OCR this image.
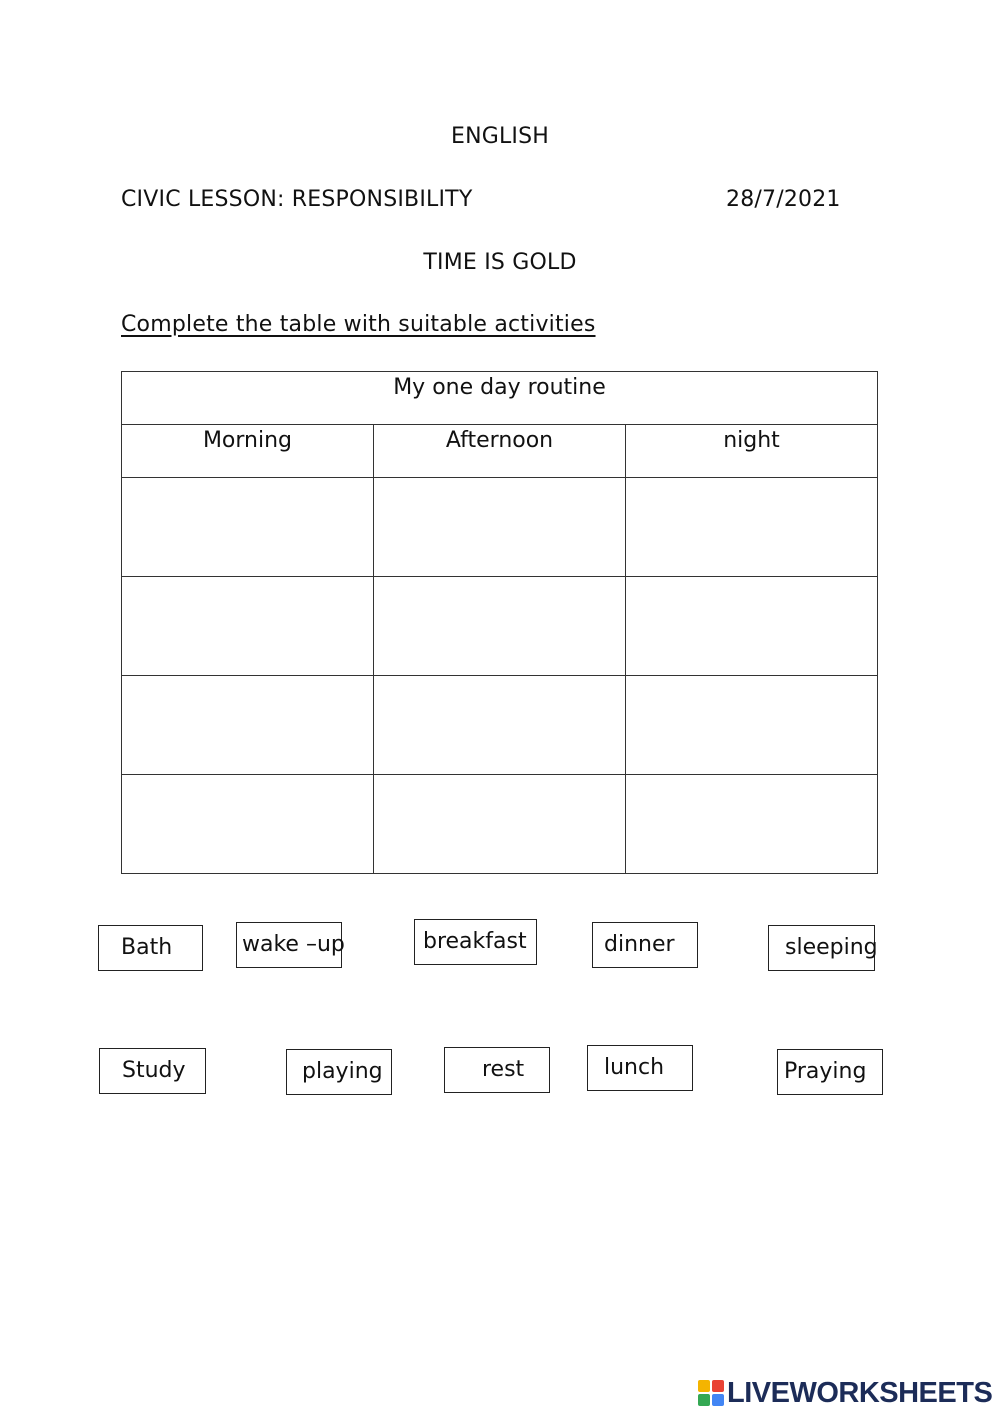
ENGLISH
CIVIC LESSON: RESPONSIBILITY	28/7/2021
TIME IS GOLD
Complete the table with suitable activities
My one day routine		
Morning	Afternoon	night

Bath	wake –up	breakfast	dinner	sleeping
Study	playing	rest	lunch	Praying
LIVEWORKSHEETS
